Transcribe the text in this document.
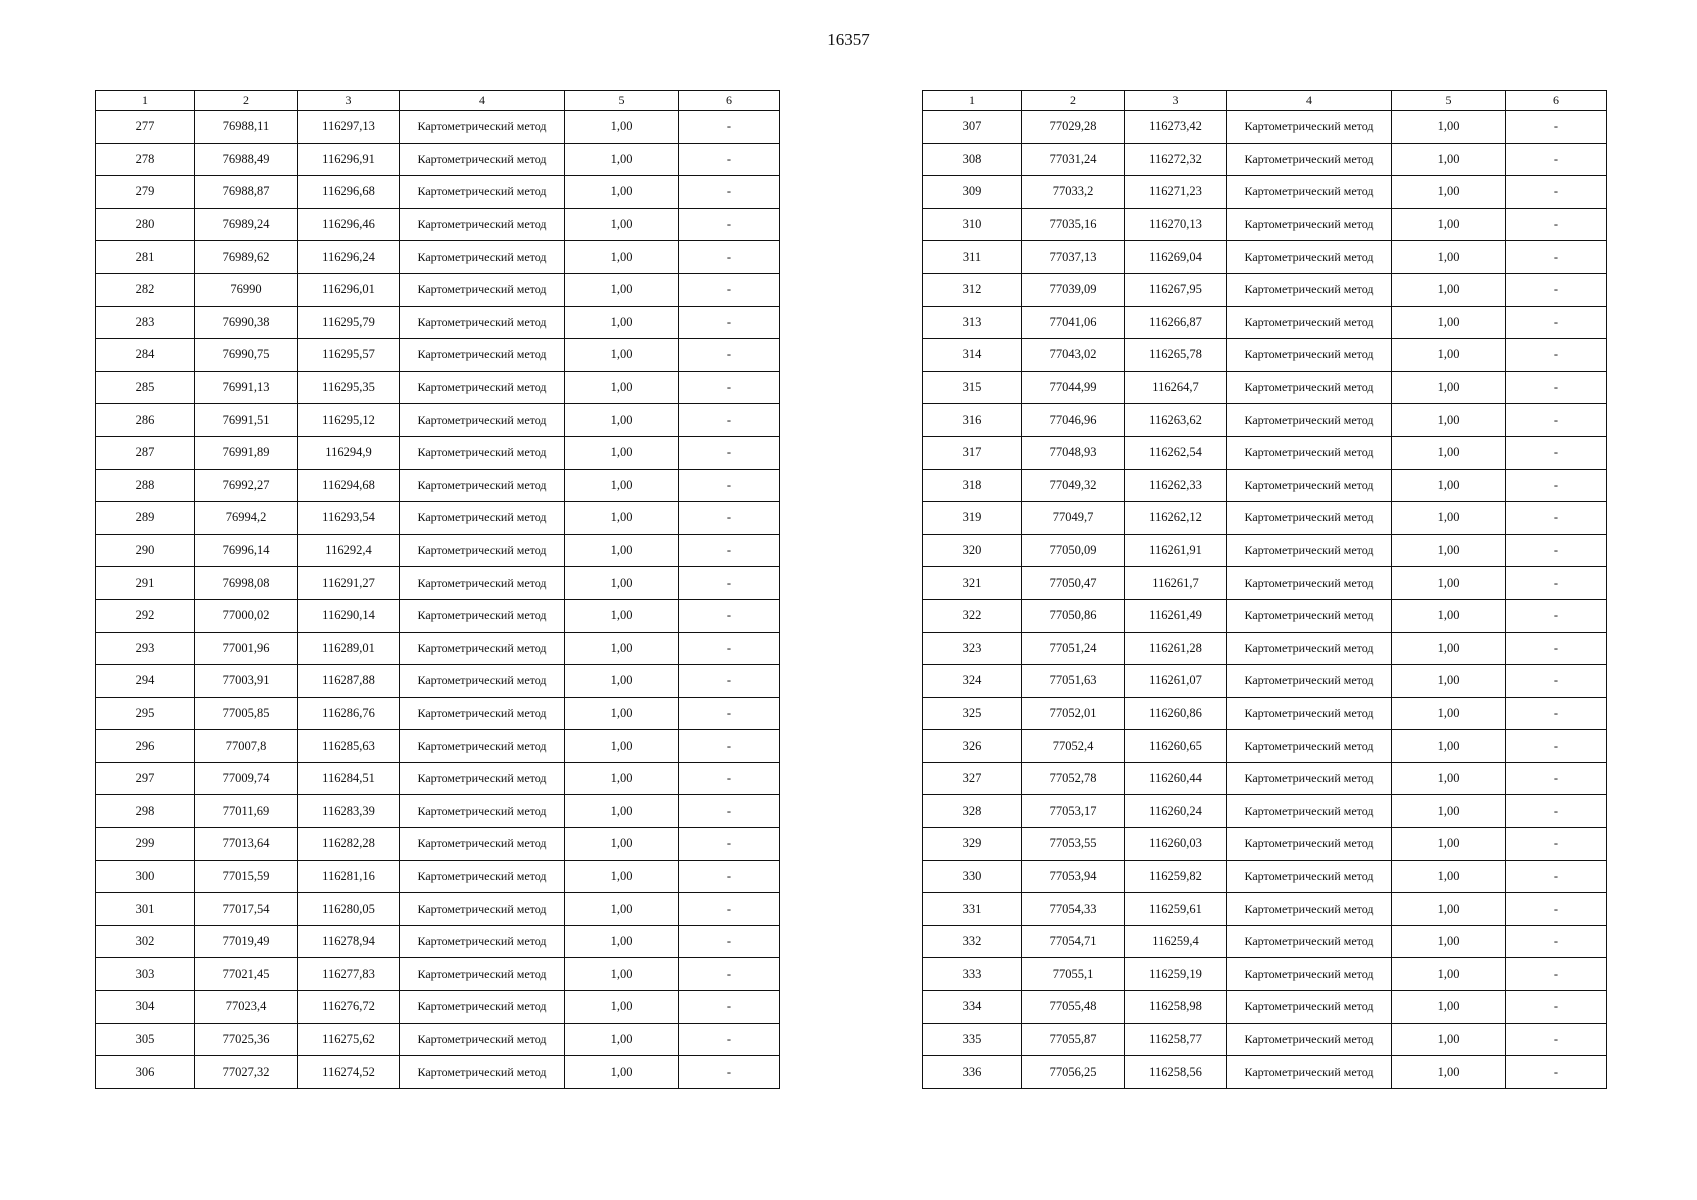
16357
1	2	3	4	5	6
277	76988,11	116297,13	Картометрический метод	1,00	-
278	76988,49	116296,91	Картометрический метод	1,00	-
279	76988,87	116296,68	Картометрический метод	1,00	-
280	76989,24	116296,46	Картометрический метод	1,00	-
281	76989,62	116296,24	Картометрический метод	1,00	-
282	76990	116296,01	Картометрический метод	1,00	-
283	76990,38	116295,79	Картометрический метод	1,00	-
284	76990,75	116295,57	Картометрический метод	1,00	-
285	76991,13	116295,35	Картометрический метод	1,00	-
286	76991,51	116295,12	Картометрический метод	1,00	-
287	76991,89	116294,9	Картометрический метод	1,00	-
288	76992,27	116294,68	Картометрический метод	1,00	-
289	76994,2	116293,54	Картометрический метод	1,00	-
290	76996,14	116292,4	Картометрический метод	1,00	-
291	76998,08	116291,27	Картометрический метод	1,00	-
292	77000,02	116290,14	Картометрический метод	1,00	-
293	77001,96	116289,01	Картометрический метод	1,00	-
294	77003,91	116287,88	Картометрический метод	1,00	-
295	77005,85	116286,76	Картометрический метод	1,00	-
296	77007,8	116285,63	Картометрический метод	1,00	-
297	77009,74	116284,51	Картометрический метод	1,00	-
298	77011,69	116283,39	Картометрический метод	1,00	-
299	77013,64	116282,28	Картометрический метод	1,00	-
300	77015,59	116281,16	Картометрический метод	1,00	-
301	77017,54	116280,05	Картометрический метод	1,00	-
302	77019,49	116278,94	Картометрический метод	1,00	-
303	77021,45	116277,83	Картометрический метод	1,00	-
304	77023,4	116276,72	Картометрический метод	1,00	-
305	77025,36	116275,62	Картометрический метод	1,00	-
306	77027,32	116274,52	Картометрический метод	1,00	-
1	2	3	4	5	6
307	77029,28	116273,42	Картометрический метод	1,00	-
308	77031,24	116272,32	Картометрический метод	1,00	-
309	77033,2	116271,23	Картометрический метод	1,00	-
310	77035,16	116270,13	Картометрический метод	1,00	-
311	77037,13	116269,04	Картометрический метод	1,00	-
312	77039,09	116267,95	Картометрический метод	1,00	-
313	77041,06	116266,87	Картометрический метод	1,00	-
314	77043,02	116265,78	Картометрический метод	1,00	-
315	77044,99	116264,7	Картометрический метод	1,00	-
316	77046,96	116263,62	Картометрический метод	1,00	-
317	77048,93	116262,54	Картометрический метод	1,00	-
318	77049,32	116262,33	Картометрический метод	1,00	-
319	77049,7	116262,12	Картометрический метод	1,00	-
320	77050,09	116261,91	Картометрический метод	1,00	-
321	77050,47	116261,7	Картометрический метод	1,00	-
322	77050,86	116261,49	Картометрический метод	1,00	-
323	77051,24	116261,28	Картометрический метод	1,00	-
324	77051,63	116261,07	Картометрический метод	1,00	-
325	77052,01	116260,86	Картометрический метод	1,00	-
326	77052,4	116260,65	Картометрический метод	1,00	-
327	77052,78	116260,44	Картометрический метод	1,00	-
328	77053,17	116260,24	Картометрический метод	1,00	-
329	77053,55	116260,03	Картометрический метод	1,00	-
330	77053,94	116259,82	Картометрический метод	1,00	-
331	77054,33	116259,61	Картометрический метод	1,00	-
332	77054,71	116259,4	Картометрический метод	1,00	-
333	77055,1	116259,19	Картометрический метод	1,00	-
334	77055,48	116258,98	Картометрический метод	1,00	-
335	77055,87	116258,77	Картометрический метод	1,00	-
336	77056,25	116258,56	Картометрический метод	1,00	-
